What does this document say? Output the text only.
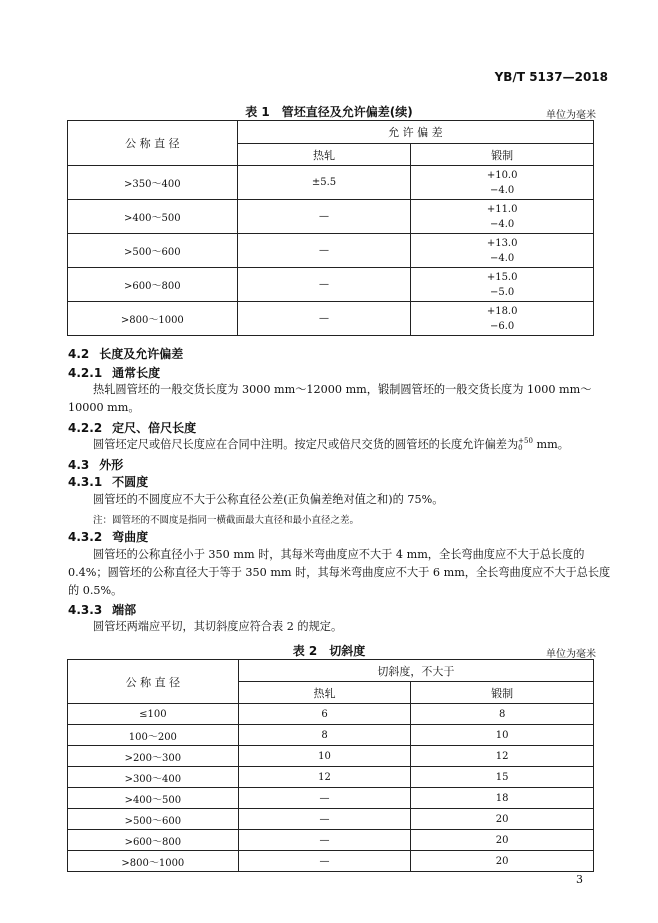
YB/T 5137—2018
表 1　管坯直径及允许偏差(续)	单位为毫米
公 称 直 径	允 许 偏 差	
	热轧	锻制
>350～400	±5.5	+10.0
−4.0

>400～500	—	+11.0
−4.0

>500～600	—	+13.0
−4.0

>600～800	—	+15.0
−5.0

>800～1000	—	+18.0
−6.0
4.2 长度及允许偏差
4.2.1 通常长度
热轧圆管坯的一般交货长度为 3000 mm～12000 mm，锻制圆管坯的一般交货长度为 1000 mm～
10000 mm。
4.2.2 定尺、倍尺长度
圆管坯定尺或倍尺长度应在合同中注明。按定尺或倍尺交货的圆管坯的长度允许偏差为 +50
0 mm。
4.3 外形
4.3.1 不圆度
圆管坯的不圆度应不大于公称直径公差(正负偏差绝对值之和)的 75%。
注：圆管坯的不圆度是指同一横截面最大直径和最小直径之差。
4.3.2 弯曲度
圆管坯的公称直径小于 350 mm 时，其每米弯曲度应不大于 4 mm，全长弯曲度应不大于总长度的
0.4%；圆管坯的公称直径大于等于 350 mm 时，其每米弯曲度应不大于 6 mm，全长弯曲度应不大于总长度
的 0.5%。
4.3.3 端部
圆管坯两端应平切，其切斜度应符合表 2 的规定。
表 2　切斜度	单位为毫米
公 称 直 径	切斜度，不大于	
	热轧	锻制
≤100	6	8
100～200	8	10
>200～300	10	12
>300～400	12	15
>400～500	—	18
>500～600	—	20
>600～800	—	20
>800～1000	—	20
3
